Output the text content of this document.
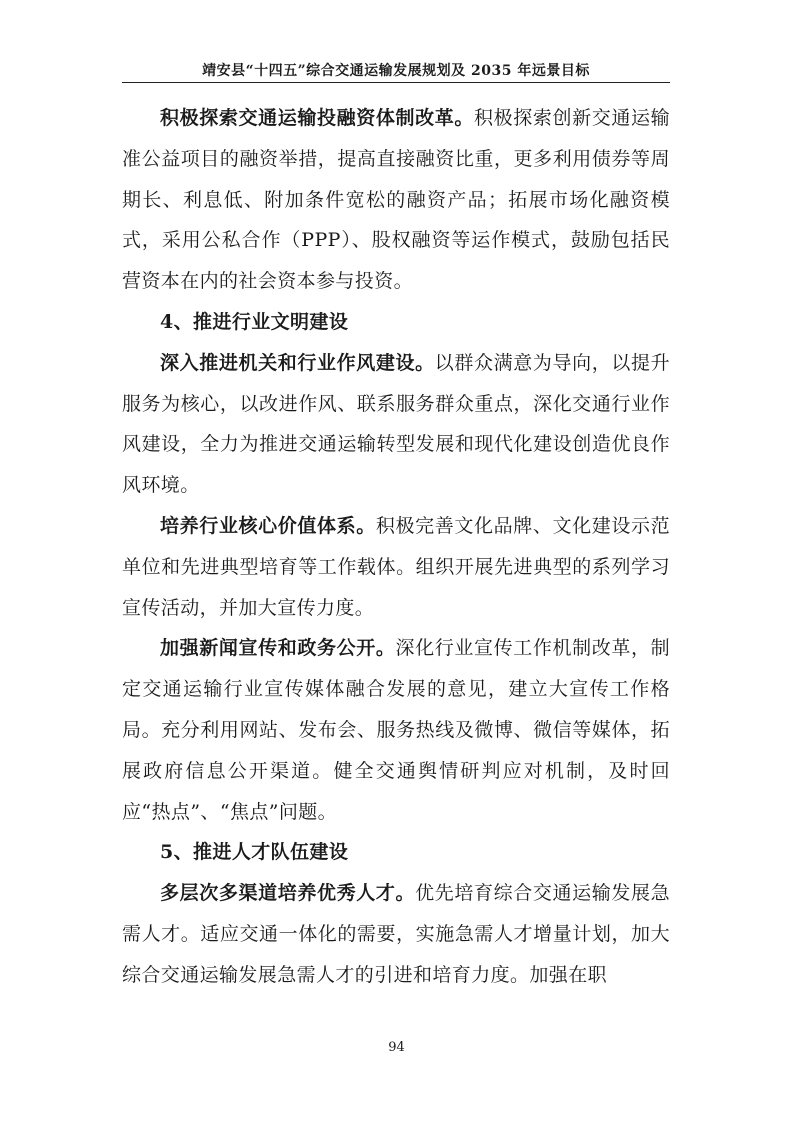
靖安县“十四五”综合交通运输发展规划及 2035 年远景目标

积极探索交通运输投融资体制改革。积极探索创新交通运输准公益项目的融资举措，提高直接融资比重，更多利用债券等周期长、利息低、附加条件宽松的融资产品；拓展市场化融资模式，采用公私合作（PPP）、股权融资等运作模式，鼓励包括民营资本在内的社会资本参与投资。

4、推进行业文明建设

深入推进机关和行业作风建设。以群众满意为导向，以提升服务为核心，以改进作风、联系服务群众重点，深化交通行业作风建设，全力为推进交通运输转型发展和现代化建设创造优良作风环境。

培养行业核心价值体系。积极完善文化品牌、文化建设示范单位和先进典型培育等工作载体。组织开展先进典型的系列学习宣传活动，并加大宣传力度。

加强新闻宣传和政务公开。深化行业宣传工作机制改革，制定交通运输行业宣传媒体融合发展的意见，建立大宣传工作格局。充分利用网站、发布会、服务热线及微博、微信等媒体，拓展政府信息公开渠道。健全交通舆情研判应对机制，及时回应“热点”、“焦点”问题。

5、推进人才队伍建设

多层次多渠道培养优秀人才。优先培育综合交通运输发展急需人才。适应交通一体化的需要，实施急需人才增量计划，加大综合交通运输发展急需人才的引进和培育力度。加强在职

94
